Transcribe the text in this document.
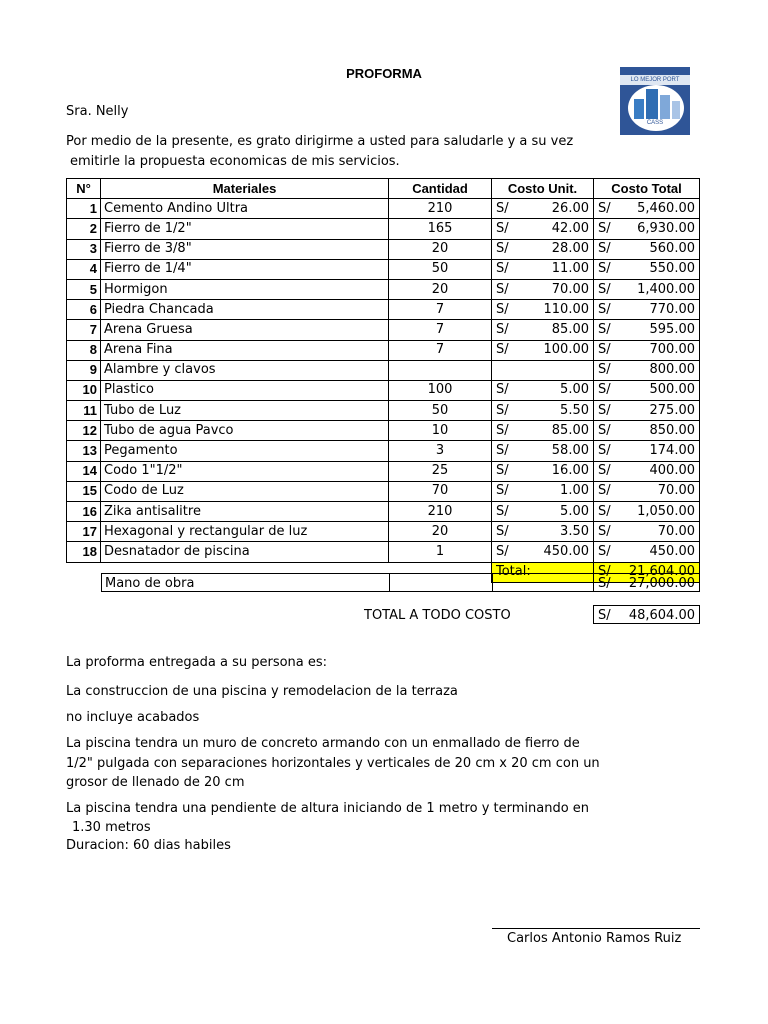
PROFORMA	LO MEJOR PORT
CASS
Sra. Nelly
Por medio de la presente, es grato dirigirme a usted para saludarle y a su vez
emitirle la propuesta economicas de mis servicios.
N°	Materiales	Cantidad	Costo Unit.		Costo Total	
1	Cemento Andino Ultra	210	S/	26.00	S/	5,460.00
2	Fierro de 1/2"	165	S/	42.00	S/	6,930.00
3	Fierro de 3/8"	20	S/	28.00	S/	560.00
4	Fierro de 1/4"	50	S/	11.00	S/	550.00
5	Hormigon	20	S/	70.00	S/	1,400.00
6	Piedra Chancada	7	S/	110.00	S/	770.00
7	Arena Gruesa	7	S/	85.00	S/	595.00
8	Arena Fina	7	S/	100.00	S/	700.00
9	Alambre y clavos				S/	800.00
10	Plastico	100	S/	5.00	S/	500.00
11	Tubo de Luz	50	S/	5.50	S/	275.00
12	Tubo de agua Pavco	10	S/	85.00	S/	850.00
13	Pegamento	3	S/	58.00	S/	174.00
14	Codo 1"1/2"	25	S/	16.00	S/	400.00
15	Codo de Luz	70	S/	1.00	S/	70.00
16	Zika antisalitre	210	S/	5.00	S/	1,050.00
17	Hexagonal y rectangular de luz	20	S/	3.50	S/	70.00
18	Desnatador de piscina	1	S/	450.00	S/	450.00
			Total:		S/	21,604.00
Mano de obra	S/ 27,000.00
TOTAL A TODO COSTO	S/ 48,604.00
La proforma entregada a su persona es:
La construccion de una piscina y remodelacion de la terraza
no incluye acabados
La piscina tendra un muro de concreto armando con un enmallado de fierro de
1/2" pulgada con separaciones horizontales y verticales de 20 cm x 20 cm con un
grosor de llenado de 20 cm
La piscina tendra una pendiente de altura iniciando de 1 metro y terminando en
1.30 metros
Duracion: 60 dias habiles
Carlos Antonio Ramos Ruiz
